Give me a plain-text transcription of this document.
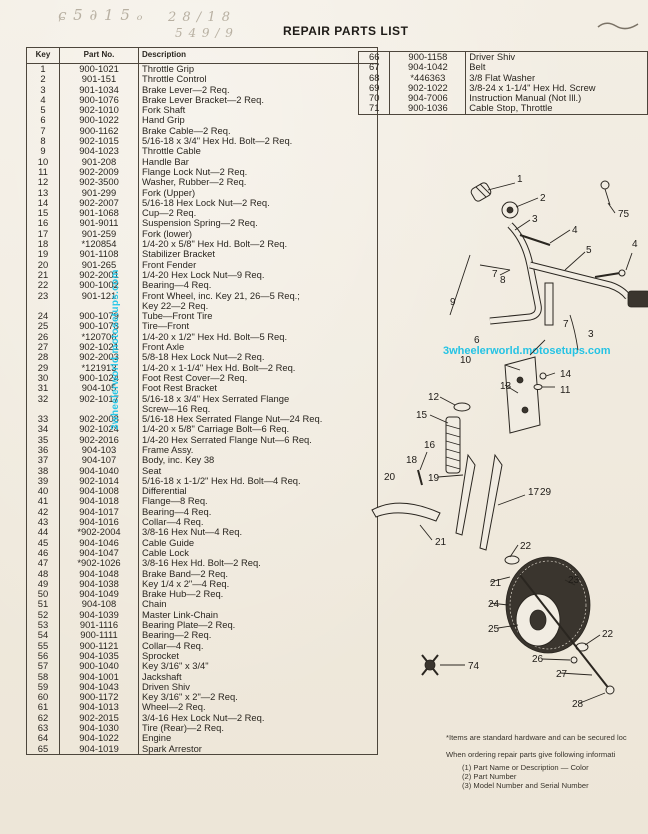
ɕ 5 ∂ 1 5 ₒ 2 8 ∕ 1 8
5 4 9 / 9	REPAIR PARTS LIST
Key	Part No.	Description
1	900-1021	Throttle Grip
2	901-151	Throttle Control
3	901-1034	Brake Lever—2 Req.
4	900-1076	Brake Lever Bracket—2 Req.
5	902-1010	Fork Shaft
6	900-1022	Hand Grip
7	900-1162	Brake Cable—2 Req.
8	902-1015	5/16-18 x 3/4" Hex Hd. Bolt—2 Req.
9	904-1023	Throttle Cable
10	901-208	Handle Bar
11	902-2009	Flange Lock Nut—2 Req.
12	902-3500	Washer, Rubber—2 Req.
13	901-299	Fork (Upper)
14	902-2007	5/16-18 Hex Lock Nut—2 Req.
15	901-1068	Cup—2 Req.
16	901-9011	Suspension Spring—2 Req.
17	901-259	Fork (lower)
18	*120854	1/4-20 x 5/8" Hex Hd. Bolt—2 Req.
19	901-1108	Stabilizer Bracket
20	901-265	Front Fender
21	902-2001	1/4-20 Hex Lock Nut—9 Req.
22	900-1002	Bearing—4 Req.
23	901-121	Front Wheel, inc. Key 21, 26—5 Req.;
		Key 22—2 Req.
24	900-1079	Tube—Front Tire
25	900-1078	Tire—Front
26	*120706	1/4-20 x 1/2" Hex Hd. Bolt—5 Req.
27	902-1021	Front Axle
28	902-2003	5/8-18 Hex Lock Nut—2 Req.
29	*121913	1/4-20 x 1-1/4" Hex Hd. Bolt—2 Req.
30	900-1024	Foot Rest Cover—2 Req.
31	904-105	Foot Rest Bracket
32	902-1017	5/16-18 x 3/4" Hex Serrated Flange
		Screw—16 Req.
33	902-2008	5/16-18 Hex Serrated Flange Nut—24 Req.
34	902-1024	1/4-20 x 5/8" Carriage Bolt—6 Req.
35	902-2016	1/4-20 Hex Serrated Flange Nut—6 Req.
36	904-103	Frame Assy.
37	904-107	Body, inc. Key 38
38	904-1040	Seat
39	902-1014	5/16-18 x 1-1/2" Hex Hd. Bolt—4 Req.
40	904-1008	Differential
41	904-1018	Flange—8 Req.
42	904-1017	Bearing—4 Req.
43	904-1016	Collar—4 Req.
44	*902-2004	3/8-16 Hex Nut—4 Req.
45	904-1046	Cable Guide
46	904-1047	Cable Lock
47	*902-1026	3/8-16 Hex Hd. Bolt—2 Req.
48	904-1048	Brake Band—2 Req.
49	904-1038	Key 1/4 x 2"—4 Req.
50	904-1049	Brake Hub—2 Req.
51	904-108	Chain
52	904-1039	Master Link-Chain
53	901-1116	Bearing Plate—2 Req.
54	900-1111	Bearing—2 Req.
55	900-1121	Collar—4 Req.
56	904-1035	Sprocket
57	900-1040	Key 3/16" x 3/4"
58	904-1001	Jackshaft
59	904-1043	Driven Shiv
60	900-1172	Key 3/16" x 2"—2 Req.
61	904-1013	Wheel—2 Req.
62	902-2015	3/4-16 Hex Lock Nut—2 Req.
63	904-1030	Tire (Rear)—2 Req.
64	904-1022	Engine
65	904-1019	Spark Arrestor
66	900-1158	Driver Shiv
67	904-1042	Belt
68	*446363	3/8 Flat Washer
69	902-1022	3/8-24 x 1-1/4" Hex Hd. Screw
70	904-7006	Instruction Manual (Not Ill.)
71	900-1036	Cable Stop, Throttle
3wheelerworld.motosetups.com	3wheelerworld.motosetups.com
1
2
3
4
5
4
7
75
9
8
7
3
6
10
13
14
11
12
15
16
18
19
17
20
29
21	22
21	23
24
25	22
26
74
27
28
*Items are standard hardware and can be secured loc
When ordering repair parts give following informati
(1) Part Name or Description — Color
(2) Part Number
(3) Model Number and Serial Number
